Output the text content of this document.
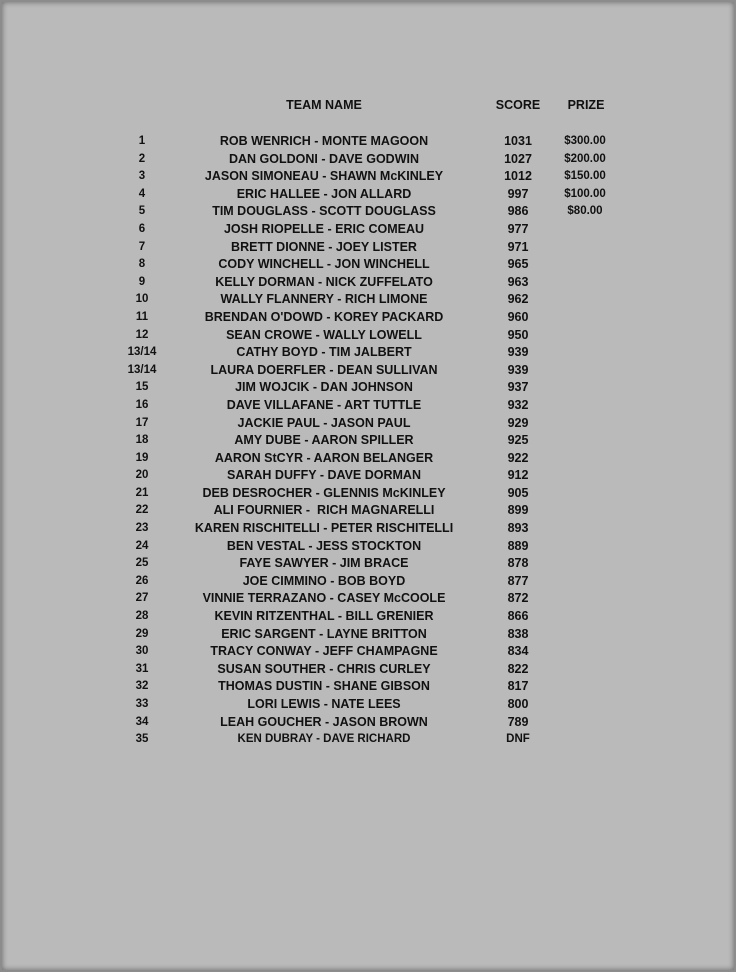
TEAM NAME	SCORE	PRIZE
1	ROB WENRICH - MONTE MAGOON	1031	$300.00
2	DAN GOLDONI - DAVE GODWIN	1027	$200.00
3	JASON SIMONEAU - SHAWN McKINLEY	1012	$150.00
4	ERIC HALLEE - JON ALLARD	997	$100.00
5	TIM DOUGLASS - SCOTT DOUGLASS	986	$80.00
6	JOSH RIOPELLE - ERIC COMEAU	977
7	BRETT DIONNE - JOEY LISTER	971
8	CODY WINCHELL - JON WINCHELL	965
9	KELLY DORMAN - NICK ZUFFELATO	963
10	WALLY FLANNERY - RICH LIMONE	962
11	BRENDAN O'DOWD - KOREY PACKARD	960
12	SEAN CROWE - WALLY LOWELL	950
13/14	CATHY BOYD - TIM JALBERT	939
13/14	LAURA DOERFLER - DEAN SULLIVAN	939
15	JIM WOJCIK - DAN JOHNSON	937
16	DAVE VILLAFANE - ART TUTTLE	932
17	JACKIE PAUL - JASON PAUL	929
18	AMY DUBE - AARON SPILLER	925
19	AARON StCYR - AARON BELANGER	922
20	SARAH DUFFY - DAVE DORMAN	912
21	DEB DESROCHER - GLENNIS McKINLEY	905
22	ALI FOURNIER -  RICH MAGNARELLI	899
23	KAREN RISCHITELLI - PETER RISCHITELLI	893
24	BEN VESTAL - JESS STOCKTON	889
25	FAYE SAWYER - JIM BRACE	878
26	JOE CIMMINO - BOB BOYD	877
27	VINNIE TERRAZANO - CASEY McCOOLE	872
28	KEVIN RITZENTHAL - BILL GRENIER	866
29	ERIC SARGENT - LAYNE BRITTON	838
30	TRACY CONWAY - JEFF CHAMPAGNE	834
31	SUSAN SOUTHER - CHRIS CURLEY	822
32	THOMAS DUSTIN - SHANE GIBSON	817
33	LORI LEWIS - NATE LEES	800
34	LEAH GOUCHER - JASON BROWN	789
35	KEN DUBRAY - DAVE RICHARD	DNF
